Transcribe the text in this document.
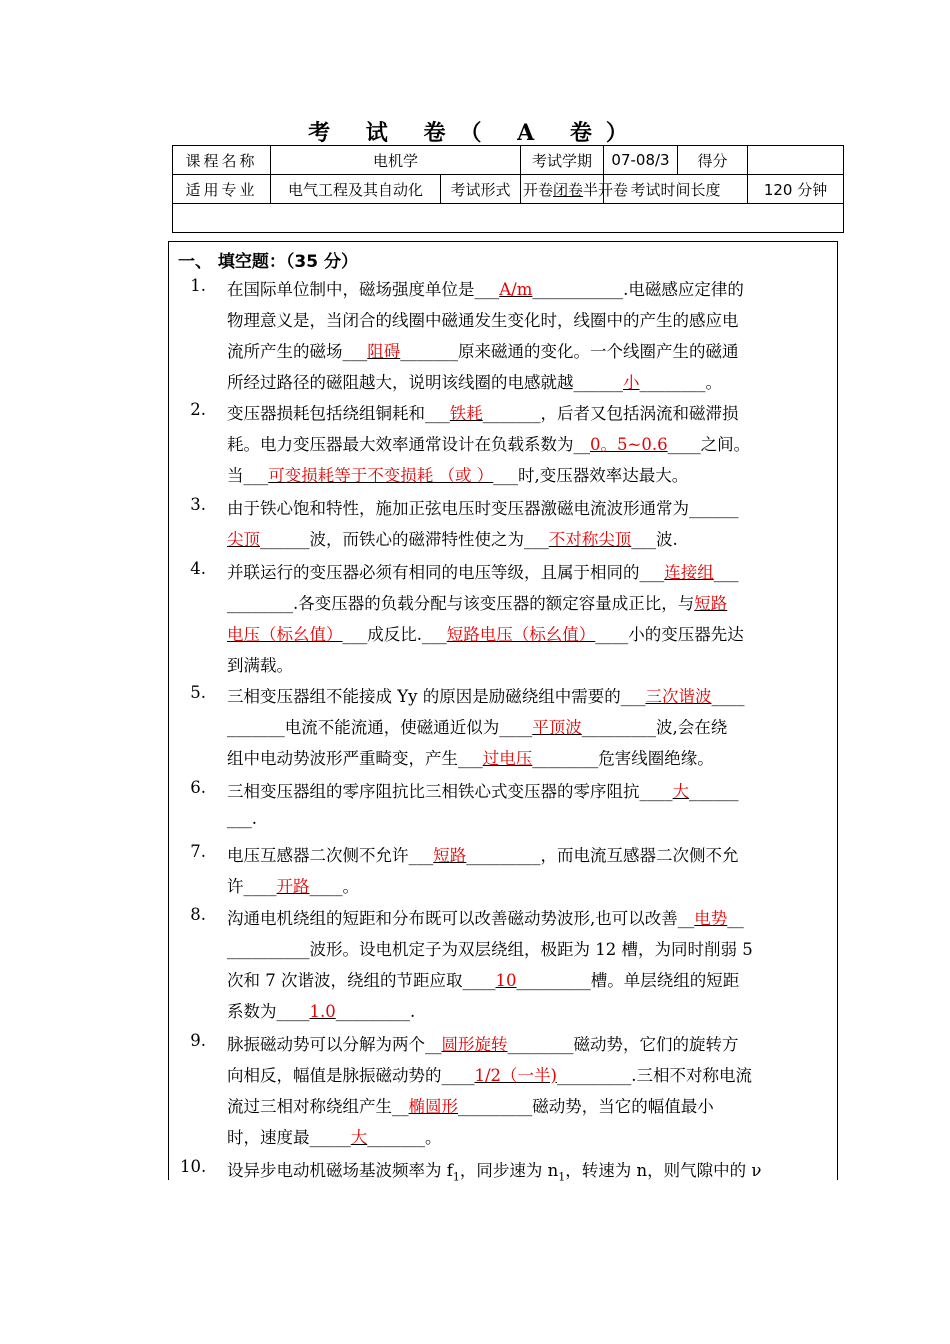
考 试 卷（ A 卷）
课程名称	电机学		考试学期	07-08/3	得分	
适用专业	电气工程及其自动化	考试形式	开卷闭卷半开卷	考试时间长度		120 分钟

一、 填空题：（35 分）
1. 在国际单位制中，磁场强度单位是___A/m___________.电磁感应定律的
物理意义是，当闭合的线圈中磁通发生变化时，线圈中的产生的感应电
流所产生的磁场___阻碍_______原来磁通的变化。一个线圈产生的磁通
所经过路径的磁阻越大，说明该线圈的电感就越______小________。
2. 变压器损耗包括绕组铜耗和___铁耗_______，后者又包括涡流和磁滞损
耗。电力变压器最大效率通常设计在负载系数为__0。5~0.6____之间。
当___可变损耗等于不变损耗 （或 ）___时,变压器效率达最大。
3. 由于铁心饱和特性，施加正弦电压时变压器激磁电流波形通常为______
尖顶______波，而铁心的磁滞特性使之为___不对称尖顶___波.
4. 并联运行的变压器必须有相同的电压等级，且属于相同的___连接组___
________.各变压器的负载分配与该变压器的额定容量成正比，与短路
电压（标幺值）___成反比.___短路电压（标幺值）____小的变压器先达
到满载。
5. 三相变压器组不能接成 Yy 的原因是励磁绕组中需要的___三次谐波____
_______电流不能流通，使磁通近似为____平顶波_________波,会在绕
组中电动势波形严重畸变，产生___过电压________危害线圈绝缘。
6. 三相变压器组的零序阻抗比三相铁心式变压器的零序阻抗____大______
___.
7. 电压互感器二次侧不允许___短路_________，而电流互感器二次侧不允
许____开路____。
8. 沟通电机绕组的短距和分布既可以改善磁动势波形,也可以改善__电势__
__________波形。设电机定子为双层绕组，极距为 12 槽，为同时削弱 5
次和 7 次谐波，绕组的节距应取____10_________槽。单层绕组的短距
系数为____1.0_________.
9. 脉振磁动势可以分解为两个__圆形旋转________磁动势，它们的旋转方
向相反，幅值是脉振磁动势的____1/2（一半)_________.三相不对称电流
流过三相对称绕组产生__椭圆形_________磁动势，当它的幅值最小
时，速度最_____大_______。
10. 设异步电动机磁场基波频率为 $f_1$，同步速为 $n_1$，转速为 n，则气隙中的 ν
